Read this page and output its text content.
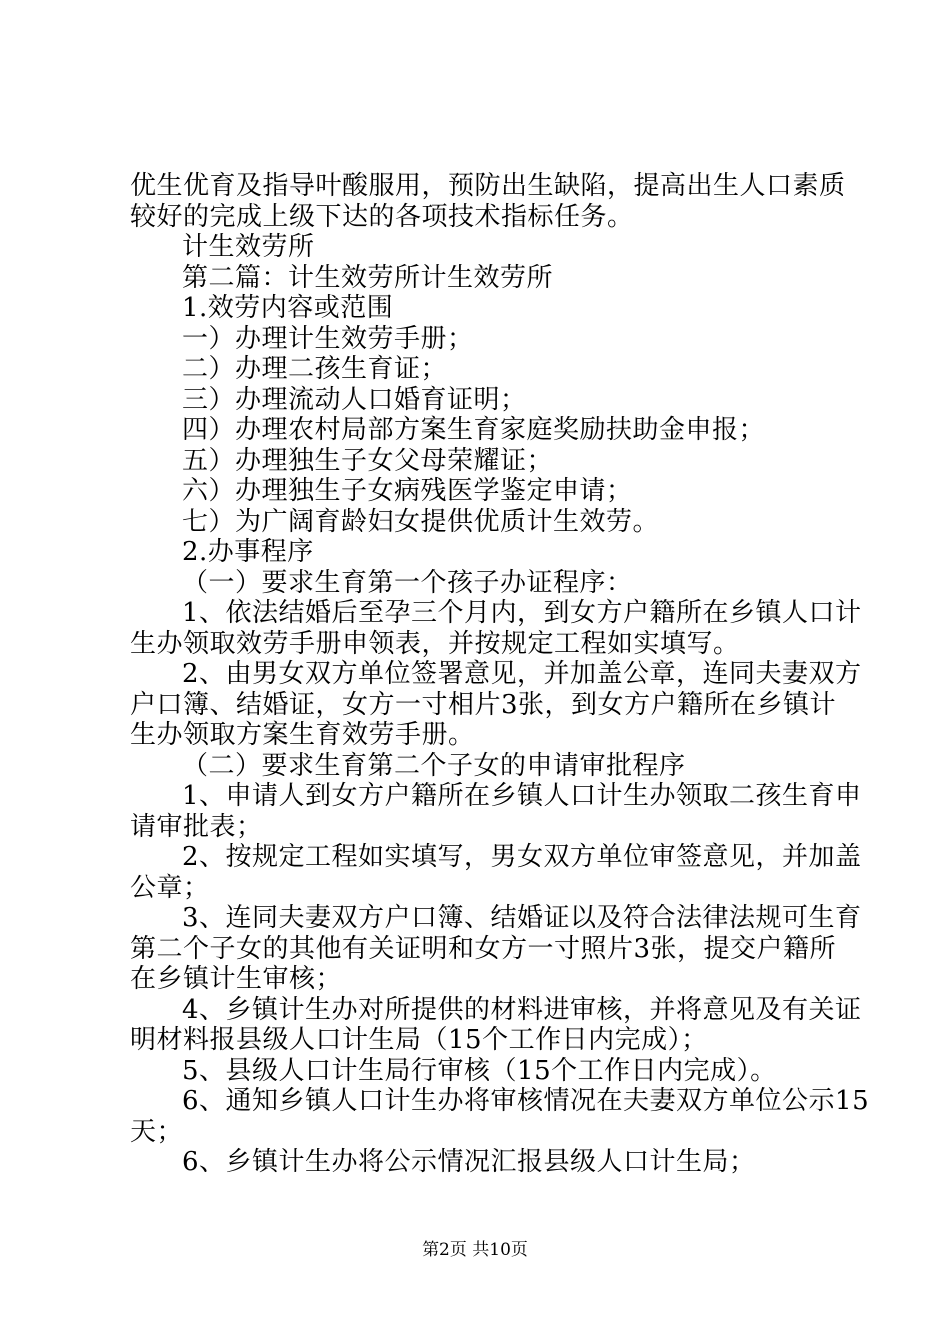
优生优育及指导叶酸服用，预防出生缺陷，提高出生人口素质
较好的完成上级下达的各项技术指标任务。
计生效劳所
第二篇：计生效劳所计生效劳所
1.效劳内容或范围
一）办理计生效劳手册；
二）办理二孩生育证；
三）办理流动人口婚育证明；
四）办理农村局部方案生育家庭奖励扶助金申报；
五）办理独生子女父母荣耀证；
六）办理独生子女病残医学鉴定申请；
七）为广阔育龄妇女提供优质计生效劳。
2.办事程序
（一）要求生育第一个孩子办证程序：
1、依法结婚后至孕三个月内，到女方户籍所在乡镇人口计
生办领取效劳手册申领表，并按规定工程如实填写。
2、由男女双方单位签署意见，并加盖公章，连同夫妻双方
户口簿、结婚证，女方一寸相片3张，到女方户籍所在乡镇计
生办领取方案生育效劳手册。
（二）要求生育第二个子女的申请审批程序
1、申请人到女方户籍所在乡镇人口计生办领取二孩生育申
请审批表；
2、按规定工程如实填写，男女双方单位审签意见，并加盖
公章；
3、连同夫妻双方户口簿、结婚证以及符合法律法规可生育
第二个子女的其他有关证明和女方一寸照片3张，提交户籍所
在乡镇计生审核；
4、乡镇计生办对所提供的材料进审核，并将意见及有关证
明材料报县级人口计生局（15个工作日内完成）；
5、县级人口计生局行审核（15个工作日内完成）。
6、通知乡镇人口计生办将审核情况在夫妻双方单位公示15
天；
6、乡镇计生办将公示情况汇报县级人口计生局；
第2页 共10页
